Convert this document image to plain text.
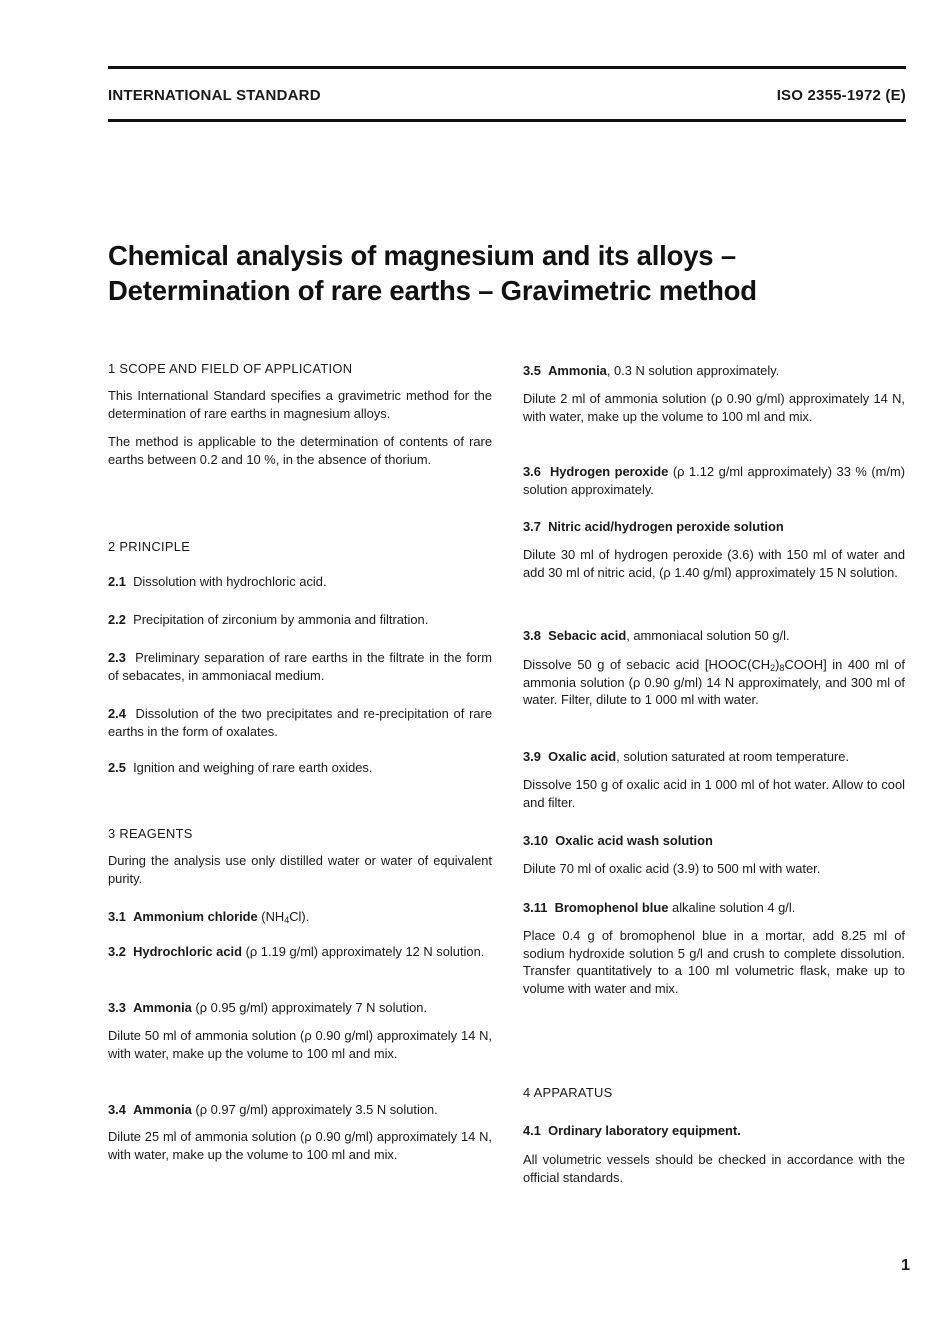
INTERNATIONAL STANDARD	ISO 2355-1972 (E)
Chemical analysis of magnesium and its alloys –
Determination of rare earths – Gravimetric method

1 SCOPE AND FIELD OF APPLICATION

This International Standard specifies a gravimetric method for the determination of rare earths in magnesium alloys.

The method is applicable to the determination of contents of rare earths between 0.2 and 10 %, in the absence of thorium.

2 PRINCIPLE

2.1 Dissolution with hydrochloric acid.

2.2 Precipitation of zirconium by ammonia and filtration.

2.3 Preliminary separation of rare earths in the filtrate in the form of sebacates, in ammoniacal medium.

2.4 Dissolution of the two precipitates and re-precipitation of rare earths in the form of oxalates.

2.5 Ignition and weighing of rare earth oxides.

3 REAGENTS

During the analysis use only distilled water or water of equivalent purity.

3.1 Ammonium chloride $(NH_4Cl)$.

3.2 Hydrochloric acid (ρ 1.19 g/ml) approximately 12 N solution.

3.3 Ammonia (ρ 0.95 g/ml) approximately 7 N solution.

Dilute 50 ml of ammonia solution (ρ 0.90 g/ml) approximately 14 N, with water, make up the volume to 100 ml and mix.

3.4 Ammonia (ρ 0.97 g/ml) approximately 3.5 N solution.

Dilute 25 ml of ammonia solution (ρ 0.90 g/ml) approximately 14 N, with water, make up the volume to 100 ml and mix.

3.5 Ammonia, 0.3 N solution approximately.

Dilute 2 ml of ammonia solution (ρ 0.90 g/ml) approximately 14 N, with water, make up the volume to 100 ml and mix.

3.6 Hydrogen peroxide (ρ 1.12 g/ml approximately) 33 % (m/m) solution approximately.

3.7 Nitric acid/hydrogen peroxide solution

Dilute 30 ml of hydrogen peroxide (3.6) with 150 ml of water and add 30 ml of nitric acid, (ρ 1.40 g/ml) approximately 15 N solution.

3.8 Sebacic acid, ammoniacal solution 50 g/l.

Dissolve 50 g of sebacic acid $[HOOC(CH_2)_8COOH]$ in 400 ml of ammonia solution (ρ 0.90 g/ml) 14 N approximately, and 300 ml of water. Filter, dilute to 1 000 ml with water.

3.9 Oxalic acid, solution saturated at room temperature.

Dissolve 150 g of oxalic acid in 1 000 ml of hot water. Allow to cool and filter.

3.10 Oxalic acid wash solution

Dilute 70 ml of oxalic acid (3.9) to 500 ml with water.

3.11 Bromophenol blue alkaline solution 4 g/l.

Place 0.4 g of bromophenol blue in a mortar, add 8.25 ml of sodium hydroxide solution 5 g/l and crush to complete dissolution. Transfer quantitatively to a 100 ml volumetric flask, make up to volume with water and mix.

4 APPARATUS

4.1 Ordinary laboratory equipment.

All volumetric vessels should be checked in accordance with the official standards.

1
